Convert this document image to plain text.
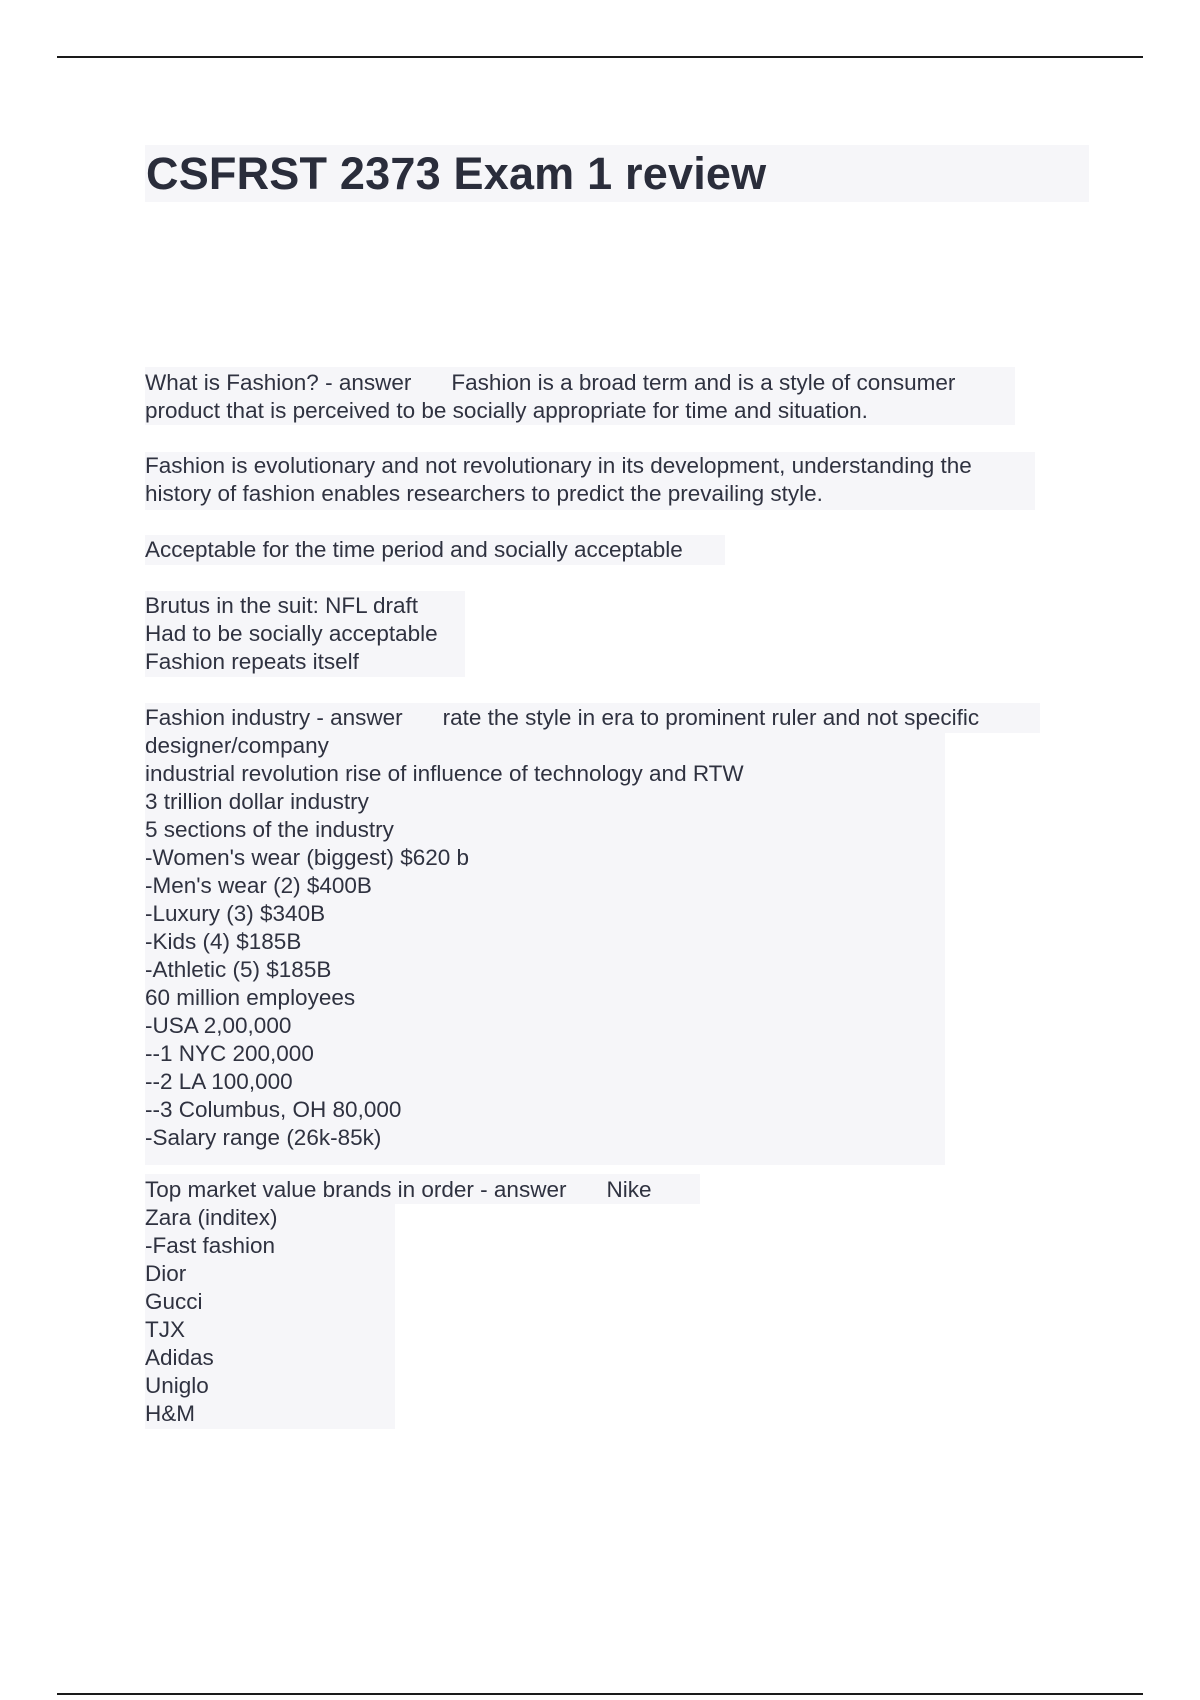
CSFRST 2373 Exam 1 review
What is Fashion? - answer Fashion is a broad term and is a style of consumer
product that is perceived to be socially appropriate for time and situation.
Fashion is evolutionary and not revolutionary in its development, understanding the
history of fashion enables researchers to predict the prevailing style.
Acceptable for the time period and socially acceptable
Brutus in the suit: NFL draft
Had to be socially acceptable
Fashion repeats itself
Fashion industry - answer rate the style in era to prominent ruler and not specific
designer/company
industrial revolution rise of influence of technology and RTW
3 trillion dollar industry
5 sections of the industry
-Women's wear (biggest) $620 b
-Men's wear (2) $400B
-Luxury (3) $340B
-Kids (4) $185B
-Athletic (5) $185B
60 million employees
-USA 2,00,000
--1 NYC 200,000
--2 LA 100,000
--3 Columbus, OH 80,000
-Salary range (26k-85k)
Top market value brands in order - answer Nike
Zara (inditex)
-Fast fashion
Dior
Gucci
TJX
Adidas
Uniglo
H&M
